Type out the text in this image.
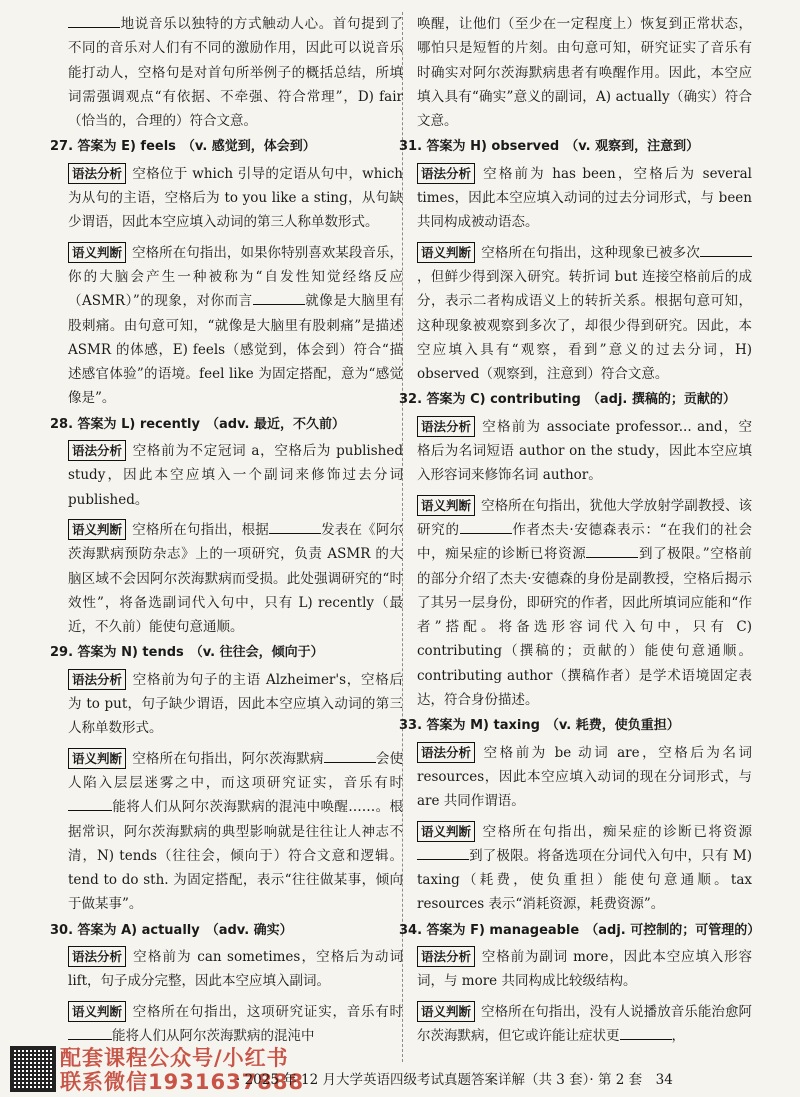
地说音乐以独特的方式触动人心。首句提到了不同的音乐对人们有不同的激励作用，因此可以说音乐能打动人，空格句是对首句所举例子的概括总结，所填词需强调观点“有依据、不牵强、符合常理”，D) fair（恰当的，合理的）符合文意。

27. 答案为 E) feels （v. 感觉到，体会到）

语法分析 空格位于 which 引导的定语从句中，which 为从句的主语，空格后为 to you like a sting，从句缺少谓语，因此本空应填入动词的第三人称单数形式。

语义判断 空格所在句指出，如果你特别喜欢某段音乐，你的大脑会产生一种被称为“自发性知觉经络反应（ASMR）”的现象，对你而言	就像是大脑里有股刺痛。由句意可知，“就像是大脑里有股刺痛”是描述 ASMR 的体感，E) feels（感觉到，体会到）符合“描述感官体验”的语境。feel like 为固定搭配，意为“感觉像是”。

28. 答案为 L) recently （adv. 最近，不久前）

语法分析 空格前为不定冠词 a，空格后为 published study，因此本空应填入一个副词来修饰过去分词 published。

语义判断 空格所在句指出，根据	发表在《阿尔茨海默病预防杂志》上的一项研究，负责 ASMR 的大脑区域不会因阿尔茨海默病而受损。此处强调研究的“时效性”，将备选副词代入句中，只有 L) recently（最近，不久前）能使句意通顺。

29. 答案为 N) tends （v. 往往会，倾向于）

语法分析 空格前为句子的主语 Alzheimer's，空格后为 to put，句子缺少谓语，因此本空应填入动词的第三人称单数形式。

语义判断 空格所在句指出，阿尔茨海默病	会使人陷入层层迷雾之中，而这项研究证实，音乐有时能将人们从阿尔茨海默病的混沌中唤醒……。根据常识，阿尔茨海默病的典型影响就是往往让人神志不清，N) tends（往往会，倾向于）符合文意和逻辑。tend to do sth. 为固定搭配，表示“往往做某事，倾向于做某事”。

30. 答案为 A) actually （adv. 确实）

语法分析 空格前为 can sometimes，空格后为动词 lift，句子成分完整，因此本空应填入副词。

语义判断 空格所在句指出，这项研究证实，音乐有时能将人们从阿尔茨海默病的混沌中

唤醒，让他们（至少在一定程度上）恢复到正常状态，哪怕只是短暂的片刻。由句意可知，研究证实了音乐有时确实对阿尔茨海默病患者有唤醒作用。因此，本空应填入具有“确实”意义的副词，A) actually（确实）符合文意。

31. 答案为 H) observed （v. 观察到，注意到）

语法分析 空格前为 has been，空格后为 several times，因此本空应填入动词的过去分词形式，与 been 共同构成被动语态。

语义判断 空格所在句指出，这种现象已被多次，但鲜少得到深入研究。转折词 but 连接空格前后的成分，表示二者构成语义上的转折关系。根据句意可知，这种现象被观察到多次了，却很少得到研究。因此，本空应填入具有“观察，看到”意义的过去分词，H) observed（观察到，注意到）符合文意。

32. 答案为 C) contributing （adj. 撰稿的；贡献的）

语法分析 空格前为 associate professor... and，空格后为名词短语 author on the study，因此本空应填入形容词来修饰名词 author。

语义判断 空格所在句指出，犹他大学放射学副教授、该研究的	作者杰夫·安德森表示：“在我们的社会中，痴呆症的诊断已将资源	到了极限。”空格前的部分介绍了杰夫·安德森的身份是副教授，空格后揭示了其另一层身份，即研究的作者，因此所填词应能和“作者”搭配。将备选形容词代入句中，只有 C) contributing（撰稿的；贡献的）能使句意通顺。contributing author（撰稿作者）是学术语境固定表达，符合身份描述。

33. 答案为 M) taxing （v. 耗费，使负重担）

语法分析 空格前为 be 动词 are，空格后为名词 resources，因此本空应填入动词的现在分词形式，与 are 共同作谓语。

语义判断 空格所在句指出，痴呆症的诊断已将资源到了极限。将备选项在分词代入句中，只有 M) taxing（耗费，使负重担）能使句意通顺。tax resources 表示“消耗资源，耗费资源”。

34. 答案为 F) manageable （adj. 可控制的；可管理的）

语法分析 空格前为副词 more，因此本空应填入形容词，与 more 共同构成比较级结构。

语义判断 空格所在句指出，没有人说播放音乐能治愈阿尔茨海默病，但它或许能让症状更	，

配套课程公众号/小红书
联系微信1931637888
· 2025 年 12 月大学英语四级考试真题答案详解（共 3 套）· 第 2 套　34
